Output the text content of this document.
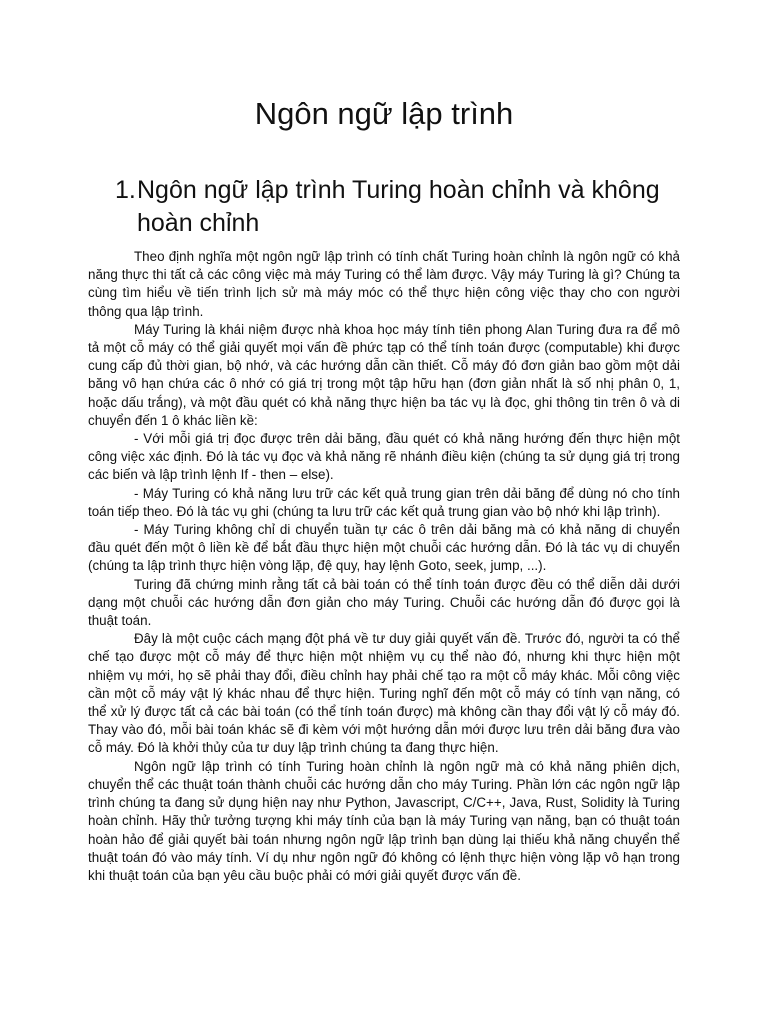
Ngôn ngữ lập trình
1. Ngôn ngữ lập trình Turing hoàn chỉnh và không hoàn chỉnh

Theo định nghĩa một ngôn ngữ lập trình có tính chất Turing hoàn chỉnh là ngôn ngữ có khả năng thực thi tất cả các công việc mà máy Turing có thể làm được. Vậy máy Turing là gì? Chúng ta cùng tìm hiểu về tiến trình lịch sử mà máy móc có thể thực hiện công việc thay cho con người thông qua lập trình.

Máy Turing là khái niệm được nhà khoa học máy tính tiên phong Alan Turing đưa ra để mô tả một cỗ máy có thể giải quyết mọi vấn đề phức tạp có thể tính toán được (computable) khi được cung cấp đủ thời gian, bộ nhớ, và các hướng dẫn cần thiết. Cỗ máy đó đơn giản bao gồm một dải băng vô hạn chứa các ô nhớ có giá trị trong một tập hữu hạn (đơn giản nhất là số nhị phân 0, 1, hoặc dấu trắng), và một đầu quét có khả năng thực hiện ba tác vụ là đọc, ghi thông tin trên ô và di chuyển đến 1 ô khác liền kề:

- Với mỗi giá trị đọc được trên dải băng, đầu quét có khả năng hướng đến thực hiện một công việc xác định. Đó là tác vụ đọc và khả năng rẽ nhánh điều kiện (chúng ta sử dụng giá trị trong các biến và lập trình lệnh If - then – else).

- Máy Turing có khả năng lưu trữ các kết quả trung gian trên dải băng để dùng nó cho tính toán tiếp theo. Đó là tác vụ ghi (chúng ta lưu trữ các kết quả trung gian vào bộ nhớ khi lập trình).

- Máy Turing không chỉ di chuyển tuần tự các ô trên dải băng mà có khả năng di chuyển đầu quét đến một ô liền kề để bắt đầu thực hiện một chuỗi các hướng dẫn. Đó là tác vụ di chuyển (chúng ta lập trình thực hiện vòng lặp, đệ quy, hay lệnh Goto, seek, jump, ...).

Turing đã chứng minh rằng tất cả bài toán có thể tính toán được đều có thể diễn dải dưới dạng một chuỗi các hướng dẫn đơn giản cho máy Turing. Chuỗi các hướng dẫn đó được gọi là thuật toán.

Đây là một cuộc cách mạng đột phá về tư duy giải quyết vấn đề. Trước đó, người ta có thể chế tạo được một cỗ máy để thực hiện một nhiệm vụ cụ thể nào đó, nhưng khi thực hiện một nhiệm vụ mới, họ sẽ phải thay đổi, điều chỉnh hay phải chế tạo ra một cỗ máy khác. Mỗi công việc cần một cỗ máy vật lý khác nhau để thực hiện. Turing nghĩ đến một cỗ máy có tính vạn năng, có thể xử lý được tất cả các bài toán (có thể tính toán được) mà không cần thay đổi vật lý cỗ máy đó. Thay vào đó, mỗi bài toán khác sẽ đi kèm với một hướng dẫn mới được lưu trên dải băng đưa vào cỗ máy. Đó là khởi thủy của tư duy lập trình chúng ta đang thực hiện.

Ngôn ngữ lập trình có tính Turing hoàn chỉnh là ngôn ngữ mà có khả năng phiên dịch, chuyển thể các thuật toán thành chuỗi các hướng dẫn cho máy Turing. Phần lớn các ngôn ngữ lập trình chúng ta đang sử dụng hiện nay như Python, Javascript, C/C++, Java, Rust, Solidity là Turing hoàn chỉnh. Hãy thử tưởng tượng khi máy tính của bạn là máy Turing vạn năng, bạn có thuật toán hoàn hảo để giải quyết bài toán nhưng ngôn ngữ lập trình bạn dùng lại thiếu khả năng chuyển thể thuật toán đó vào máy tính. Ví dụ như ngôn ngữ đó không có lệnh thực hiện vòng lặp vô hạn trong khi thuật toán của bạn yêu cầu buộc phải có mới giải quyết được vấn đề.
